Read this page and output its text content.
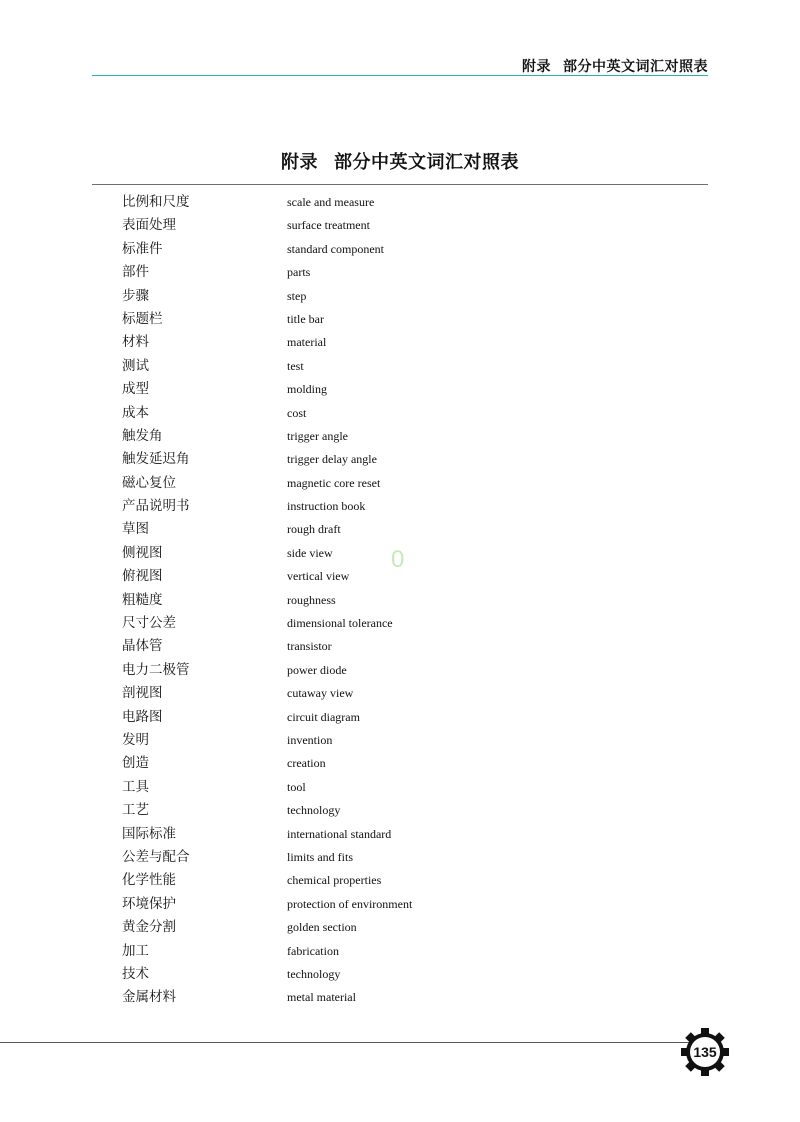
附录 部分中英文词汇对照表
附录 部分中英文词汇对照表
比例和尺度	scale and measure
表面处理	surface treatment
标准件	standard component
部件	parts
步骤	step
标题栏	title bar
材料	material
测试	test
成型	molding
成本	cost
触发角	trigger angle
触发延迟角	trigger delay angle
磁心复位	magnetic core reset
产品说明书	instruction book
草图	rough draft
侧视图	side view
俯视图	vertical view
粗糙度	roughness
尺寸公差	dimensional tolerance
晶体管	transistor
电力二极管	power diode
剖视图	cutaway view
电路图	circuit diagram
发明	invention
创造	creation
工具	tool
工艺	technology
国际标准	international standard
公差与配合	limits and fits
化学性能	chemical properties
环境保护	protection of environment
黄金分割	golden section
加工	fabrication
技术	technology
金属材料	metal material
0
135
